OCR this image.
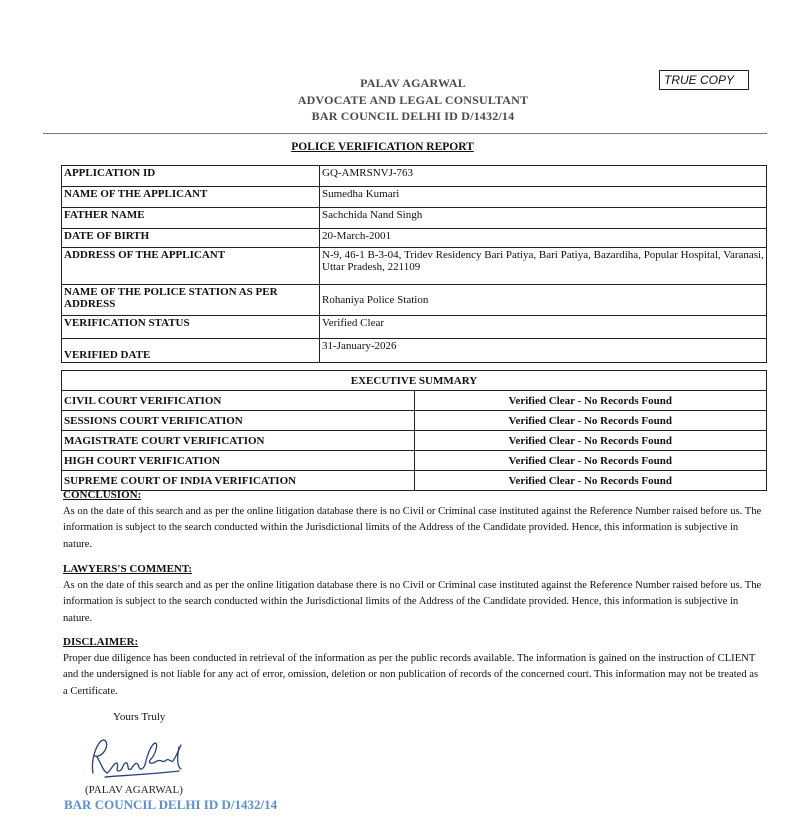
TRUE COPY
PALAV AGARWAL
ADVOCATE AND LEGAL CONSULTANT
BAR COUNCIL DELHI ID D/1432/14
POLICE VERIFICATION REPORT
APPLICATION ID	GQ-AMRSNVJ-763
NAME OF THE APPLICANT	Sumedha Kumari
FATHER NAME	Sachchida Nand Singh
DATE OF BIRTH	20-March-2001
ADDRESS OF THE APPLICANT	N-9, 46-1 B-3-04, Tridev Residency Bari Patiya, Bari Patiya, Bazardiha, Popular Hospital, Varanasi, Uttar Pradesh, 221109
NAME OF THE POLICE STATION AS PER ADDRESS	Rohaniya Police Station
VERIFICATION STATUS	Verified Clear
VERIFIED DATE	31-January-2026
EXECUTIVE SUMMARY	
CIVIL COURT VERIFICATION	Verified Clear - No Records Found
SESSIONS COURT VERIFICATION	Verified Clear - No Records Found
MAGISTRATE COURT VERIFICATION	Verified Clear - No Records Found
HIGH COURT VERIFICATION	Verified Clear - No Records Found
SUPREME COURT OF INDIA VERIFICATION	Verified Clear - No Records Found
CONCLUSION:
As on the date of this search and as per the online litigation database there is no Civil or Criminal case instituted against the Reference Number raised before us. The information is subject to the search conducted within the Jurisdictional limits of the Address of the Candidate provided. Hence, this information is subjective in nature.
LAWYERS'S COMMENT:
As on the date of this search and as per the online litigation database there is no Civil or Criminal case instituted against the Reference Number raised before us. The information is subject to the search conducted within the Jurisdictional limits of the Address of the Candidate provided. Hence, this information is subjective in nature.
DISCLAIMER:
Proper due diligence has been conducted in retrieval of the information as per the public records available. The information is gained on the instruction of CLIENT and the undersigned is not liable for any act of error, omission, deletion or non publication of records of the concerned court. This information may not be treated as a Certificate.
Yours Truly
(PALAV AGARWAL)
BAR COUNCIL DELHI ID D/1432/14
